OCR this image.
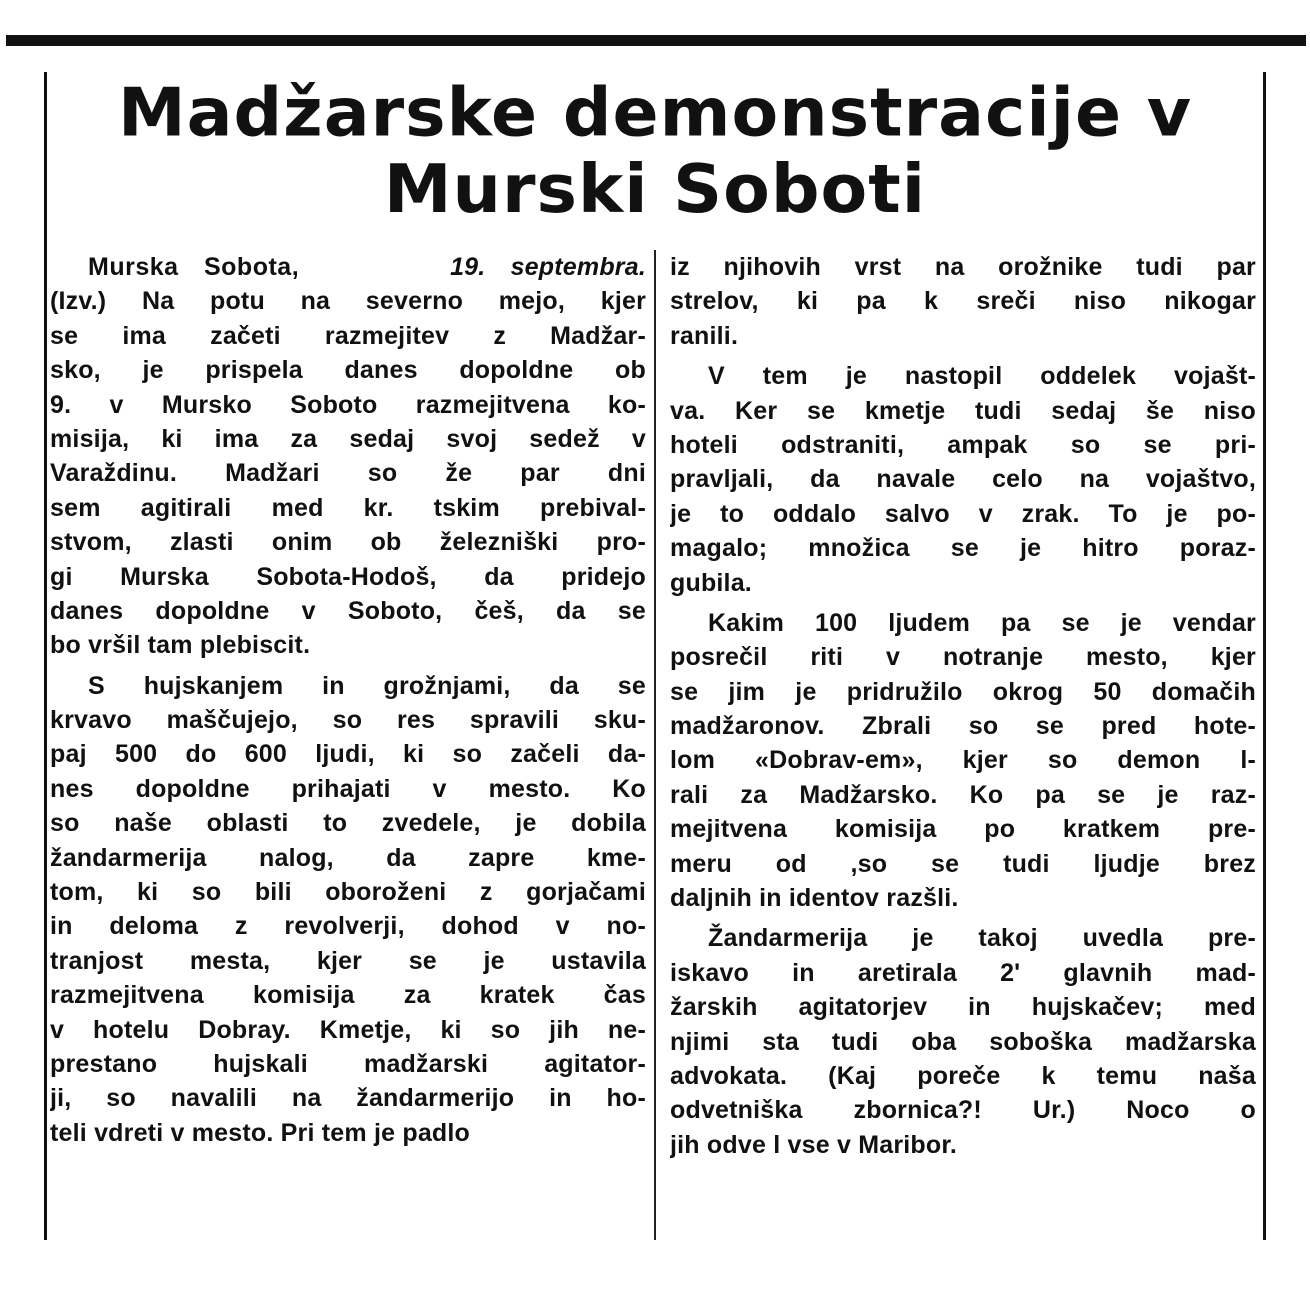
Madžarske demonstracije v
Murski Soboti
Murska Sobota,	19. septembra.
(Izv.) Na potu na severno mejo, kjer
se ima začeti razmejitev z Madžar-
sko, je prispela danes dopoldne ob
9. v Mursko Soboto razmejitvena ko-
misija, ki ima za sedaj svoj sedež v
Varaždinu. Madžari so že par dni
sem agitirali med kr. tskim prebival-
stvom, zlasti onim ob železniški pro-
gi Murska Sobota-Hodoš, da pridejo
danes dopoldne v Soboto, češ, da se
bo vršil tam plebiscit.
S hujskanjem in grožnjami, da se
krvavo maščujejo, so res spravili sku-
paj 500 do 600 ljudi, ki so začeli da-
nes dopoldne prihajati v mesto. Ko
so naše oblasti to zvedele, je dobila
žandarmerija nalog, da zapre kme-
tom, ki so bili oboroženi z gorjačami
in deloma z revolverji, dohod v no-
tranjost mesta, kjer se je ustavila
razmejitvena komisija za kratek čas
v hotelu Dobray. Kmetje, ki so jih ne-
prestano hujskali madžarski agitator-
ji, so navalili na žandarmerijo in ho-
teli vdreti v mesto. Pri tem je padlo
iz njihovih vrst na orožnike tudi par
strelov, ki pa k sreči niso nikogar
ranili.
V tem je nastopil oddelek vojašt-
va. Ker se kmetje tudi sedaj še niso
hoteli odstraniti, ampak so se pri-
pravljali, da navale celo na vojaštvo,
je to oddalo salvo v zrak. To je po-
magalo; množica se je hitro poraz-
gubila.
Kakim 100 ljudem pa se je vendar
posrečil riti v notranje mesto, kjer
se jim je pridružilo okrog 50 domačih
madžaronov. Zbrali so se pred hote-
lom «Dobrav-em», kjer so demon l-
rali za Madžarsko. Ko pa se je raz-
mejitvena komisija po kratkem pre-
meru od ,so se tudi ljudje brez
daljnih in identov razšli.
Žandarmerija je takoj uvedla pre-
iskavo in aretirala 2' glavnih mad-
žarskih agitatorjev in hujskačev; med
njimi sta tudi oba soboška madžarska
advokata. (Kaj poreče k temu naša
odvetniška zbornica?! Ur.) Noco o
jih odve l vse v Maribor.
